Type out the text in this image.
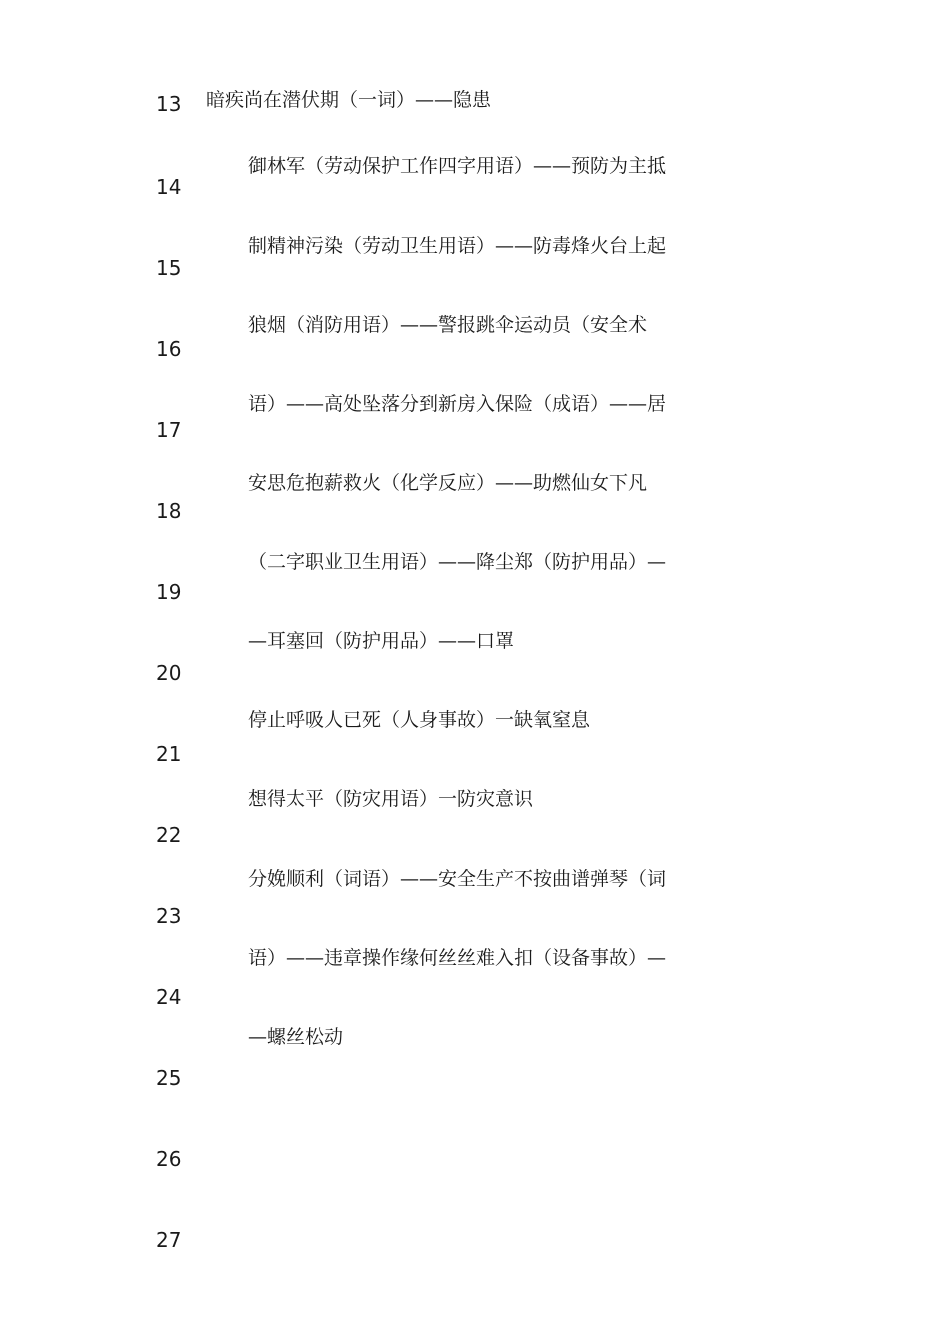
13
14
15
16
17
18
19
20
21
22
23
24
25
26
27
暗疾尚在潜伏期（一词）——隐患
御林军（劳动保护工作四字用语）——预防为主抵
制精神污染（劳动卫生用语）——防毒烽火台上起
狼烟（消防用语）——警报跳伞运动员（安全术
语）——高处坠落分到新房入保险（成语）——居
安思危抱薪救火（化学反应）——助燃仙女下凡
（二字职业卫生用语）——降尘郑（防护用品）—
—耳塞回（防护用品）——口罩
停止呼吸人已死（人身事故）一缺氧窒息
想得太平（防灾用语）一防灾意识
分娩顺利（词语）——安全生产不按曲谱弹琴（词
语）——违章操作缘何丝丝难入扣（设备事故）—
—螺丝松动
